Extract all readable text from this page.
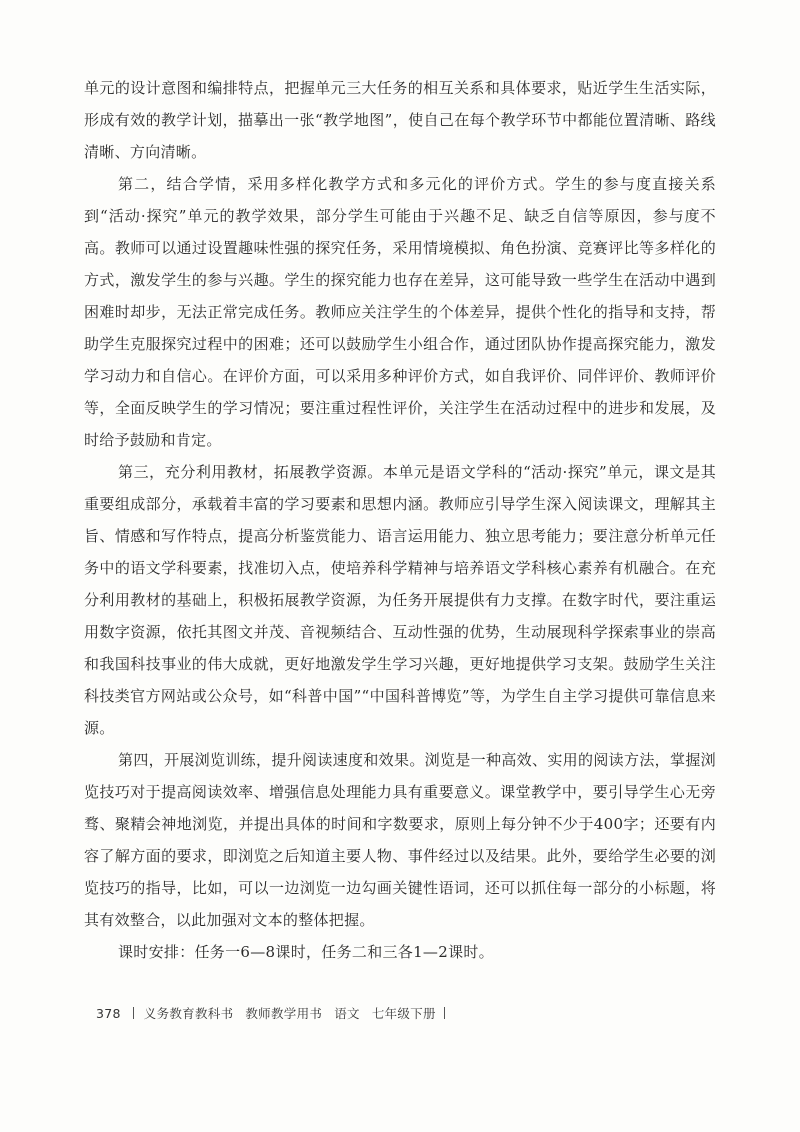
单元的设计意图和编排特点，把握单元三大任务的相互关系和具体要求，贴近学生生活实际，形成有效的教学计划，描摹出一张“教学地图”，使自己在每个教学环节中都能位置清晰、路线清晰、方向清晰。

第二，结合学情，采用多样化教学方式和多元化的评价方式。学生的参与度直接关系到“活动·探究”单元的教学效果，部分学生可能由于兴趣不足、缺乏自信等原因，参与度不高。教师可以通过设置趣味性强的探究任务，采用情境模拟、角色扮演、竞赛评比等多样化的方式，激发学生的参与兴趣。学生的探究能力也存在差异，这可能导致一些学生在活动中遇到困难时却步，无法正常完成任务。教师应关注学生的个体差异，提供个性化的指导和支持，帮助学生克服探究过程中的困难；还可以鼓励学生小组合作，通过团队协作提高探究能力，激发学习动力和自信心。在评价方面，可以采用多种评价方式，如自我评价、同伴评价、教师评价等，全面反映学生的学习情况；要注重过程性评价，关注学生在活动过程中的进步和发展，及时给予鼓励和肯定。

第三，充分利用教材，拓展教学资源。本单元是语文学科的“活动·探究”单元，课文是其重要组成部分，承载着丰富的学习要素和思想内涵。教师应引导学生深入阅读课文，理解其主旨、情感和写作特点，提高分析鉴赏能力、语言运用能力、独立思考能力；要注意分析单元任务中的语文学科要素，找准切入点，使培养科学精神与培养语文学科核心素养有机融合。在充分利用教材的基础上，积极拓展教学资源，为任务开展提供有力支撑。在数字时代，要注重运用数字资源，依托其图文并茂、音视频结合、互动性强的优势，生动展现科学探索事业的崇高和我国科技事业的伟大成就，更好地激发学生学习兴趣，更好地提供学习支架。鼓励学生关注科技类官方网站或公众号，如“科普中国”“中国科普博览”等，为学生自主学习提供可靠信息来源。

第四，开展浏览训练，提升阅读速度和效果。浏览是一种高效、实用的阅读方法，掌握浏览技巧对于提高阅读效率、增强信息处理能力具有重要意义。课堂教学中，要引导学生心无旁骛、聚精会神地浏览，并提出具体的时间和字数要求，原则上每分钟不少于400字；还要有内容了解方面的要求，即浏览之后知道主要人物、事件经过以及结果。此外，要给学生必要的浏览技巧的指导，比如，可以一边浏览一边勾画关键性语词，还可以抓住每一部分的小标题，将其有效整合，以此加强对文本的整体把握。

课时安排：任务一6—8课时，任务二和三各1—2课时。

378 义务教育教科书 教师教学用书 语文 七年级下册
